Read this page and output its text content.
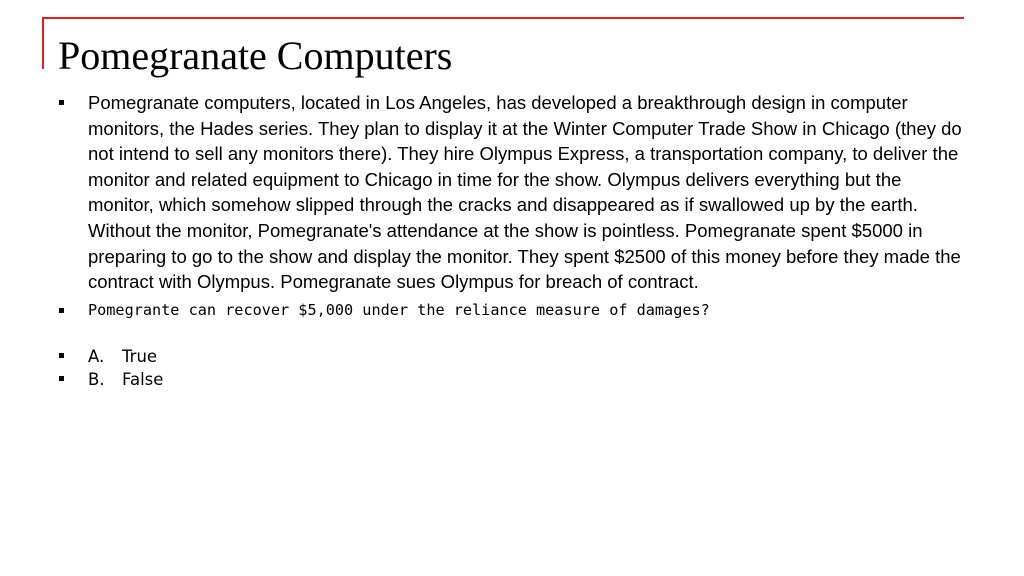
Pomegranate Computers

Pomegranate computers, located in Los Angeles, has developed a breakthrough design in computer monitors, the Hades series. They plan to display it at the Winter Computer Trade Show in Chicago (they do not intend to sell any monitors there). They hire Olympus Express, a transportation company, to deliver the monitor and related equipment to Chicago in time for the show. Olympus delivers everything but the monitor, which somehow slipped through the cracks and disappeared as if swallowed up by the earth. Without the monitor, Pomegranate's attendance at the show is pointless. Pomegranate spent $5000 in preparing to go to the show and display the monitor. They spent $2500 of this money before they made the contract with Olympus. Pomegranate sues Olympus for breach of contract.

Pomegrante can recover $5,000 under the reliance measure of damages?

A. True
B. False
